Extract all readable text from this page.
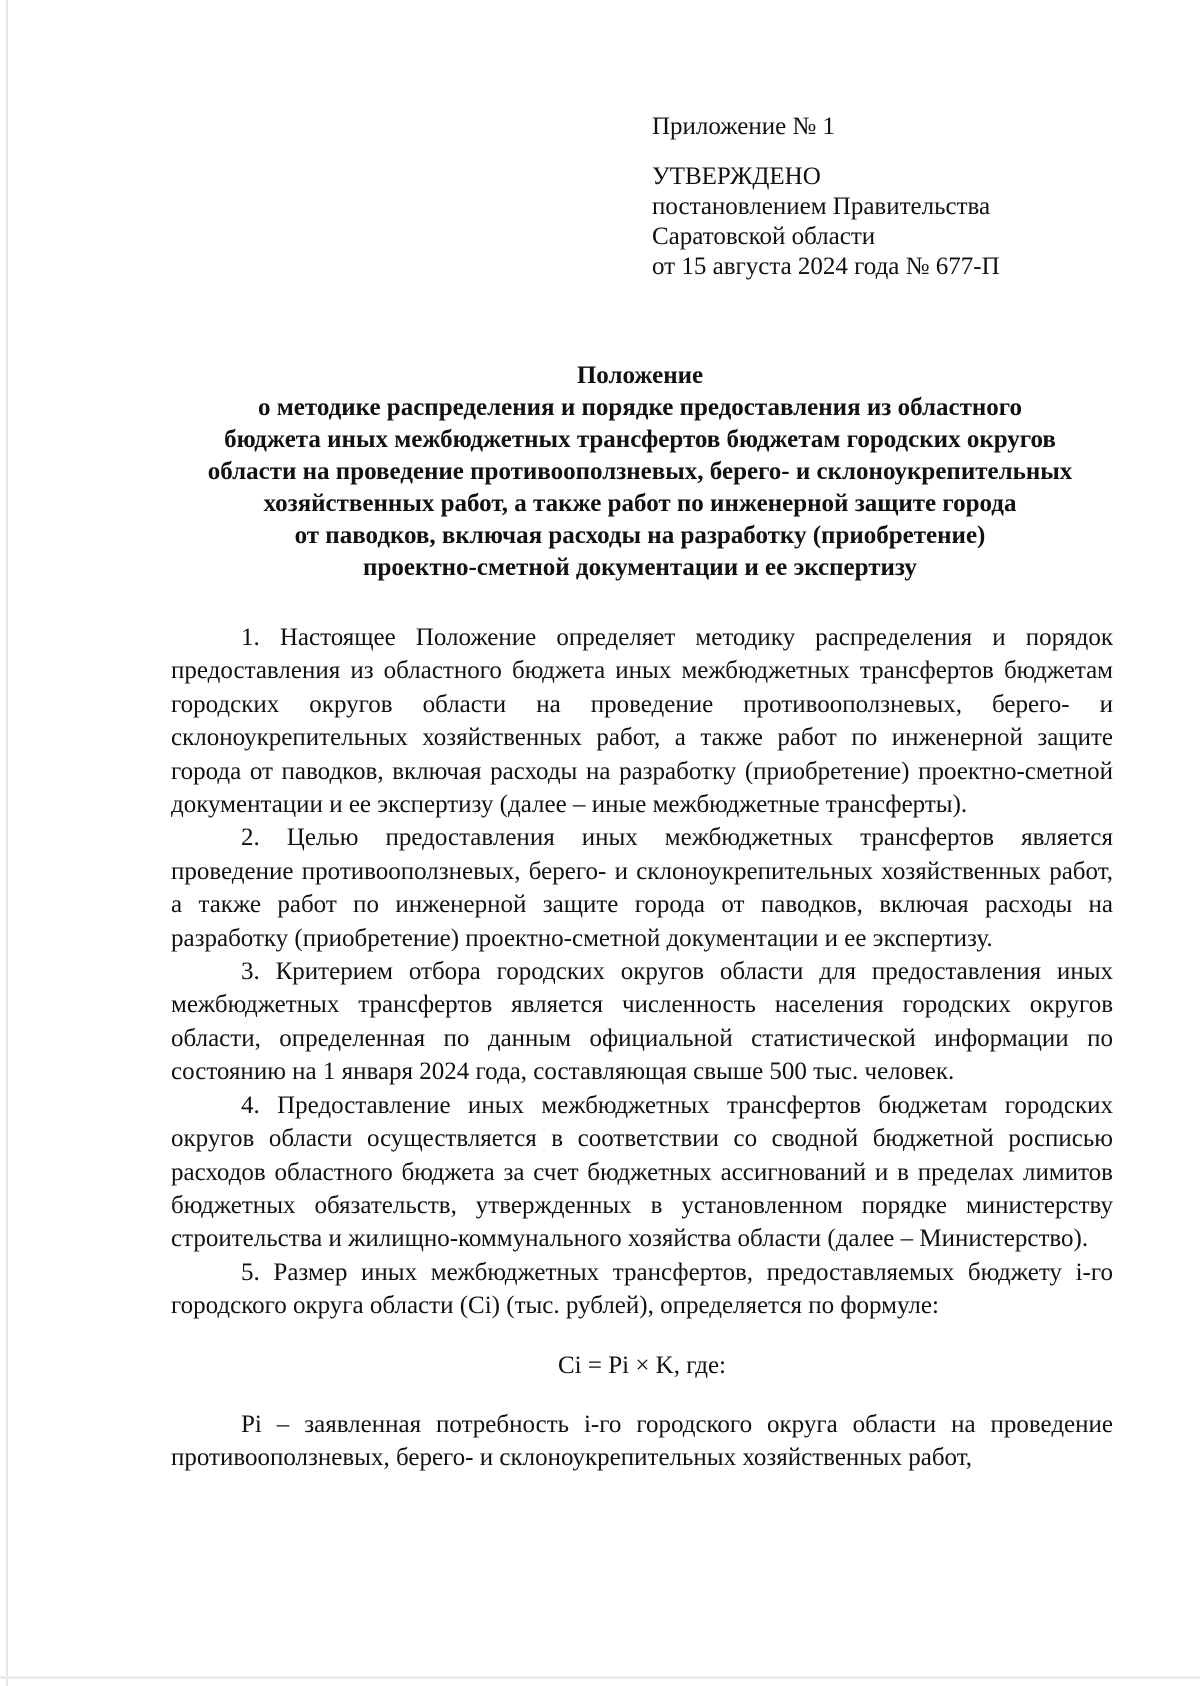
Приложение № 1

УТВЕРЖДЕНО

постановлением Правительства

Саратовской области

от 15 августа 2024 года № 677-П

Положение

о методике распределения и порядке предоставления из областного

бюджета иных межбюджетных трансфертов бюджетам городских округов

области на проведение противооползневых, берего- и склоноукрепительных

хозяйственных работ, а также работ по инженерной защите города

от паводков, включая расходы на разработку (приобретение)

проектно-сметной документации и ее экспертизу

1. Настоящее Положение определяет методику распределения и порядок предоставления из областного бюджета иных межбюджетных трансфертов бюджетам городских округов области на проведение противооползневых, берего- и склоноукрепительных хозяйственных работ, а также работ по инженерной защите города от паводков, включая расходы на разработку (приобретение) проектно-сметной документации и ее экспертизу (далее – иные межбюджетные трансферты).

2. Целью предоставления иных межбюджетных трансфертов является проведение противооползневых, берего- и склоноукрепительных хозяйственных работ, а также работ по инженерной защите города от паводков, включая расходы на разработку (приобретение) проектно-сметной документации и ее экспертизу.

3. Критерием отбора городских округов области для предоставления иных межбюджетных трансфертов является численность населения городских округов области, определенная по данным официальной статистической информации по состоянию на 1 января 2024 года, составляющая свыше 500 тыс. человек.

4. Предоставление иных межбюджетных трансфертов бюджетам городских округов области осуществляется в соответствии со сводной бюджетной росписью расходов областного бюджета за счет бюджетных ассигнований и в пределах лимитов бюджетных обязательств, утвержденных в установленном порядке министерству строительства и жилищно-коммунального хозяйства области (далее – Министерство).

5. Размер иных межбюджетных трансфертов, предоставляемых бюджету i-го городского округа области (Ci) (тыс. рублей), определяется по формуле:

Ci = Pi × K, где:

Pi – заявленная потребность i-го городского округа области на проведение противооползневых, берего- и склоноукрепительных хозяйственных работ,
